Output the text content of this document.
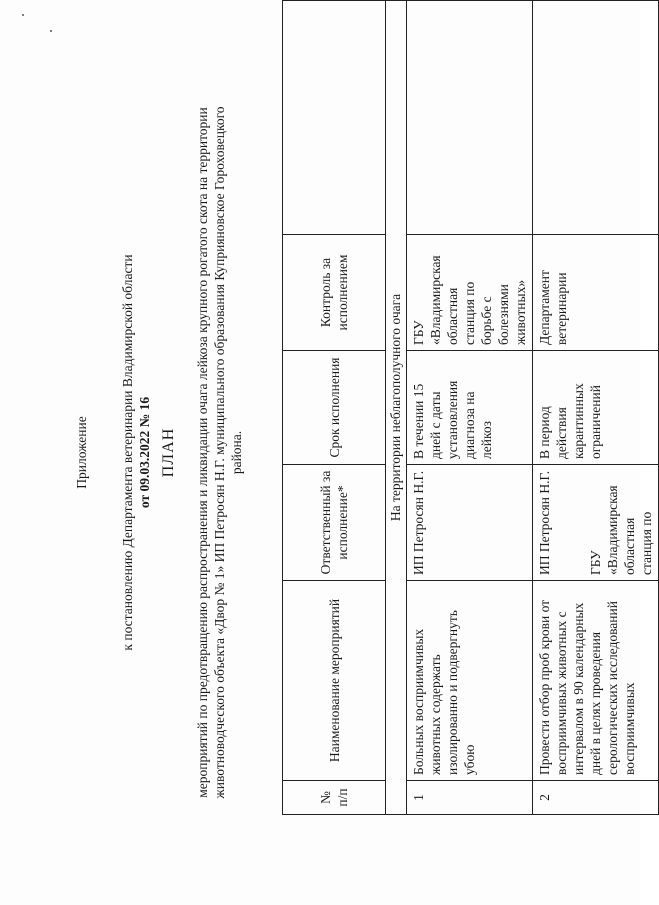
Приложение к постановлению Департамента ветеринарии Владимирской области от 09.03.2022 № 16 ПЛАН мероприятий по предотвращению распространения и ликвидации очага лейкоза крупного рогатого скота на территории животноводческого объекта «Двор № 1» ИП Петросян Н.Г. муниципального образования Куприяновское Гороховецкого района.
№ п/п	Наименование мероприятий	Ответственный за исполнение*	Срок исполнения	Контроль за исполнением	
На территории неблагополучного очага					
1	Больных восприимчивых животных содержать изолированно и подвергнуть убою	ИП Петросян Н.Г.	В течении 15 дней с даты установления диагноза на лейкоз	ГБУ «Владимирская областная станция по борьбе с болезнями животных»	
2	Провести отбор проб крови от восприимчивых животных с интервалом в 90 календарных дней в целях проведения серологических исследований восприимчивых	ИП Петросян Н.Г. ГБУ «Владимирская областная станция по	В период действия карантинных ограничений	Департамент ветеринарии	
